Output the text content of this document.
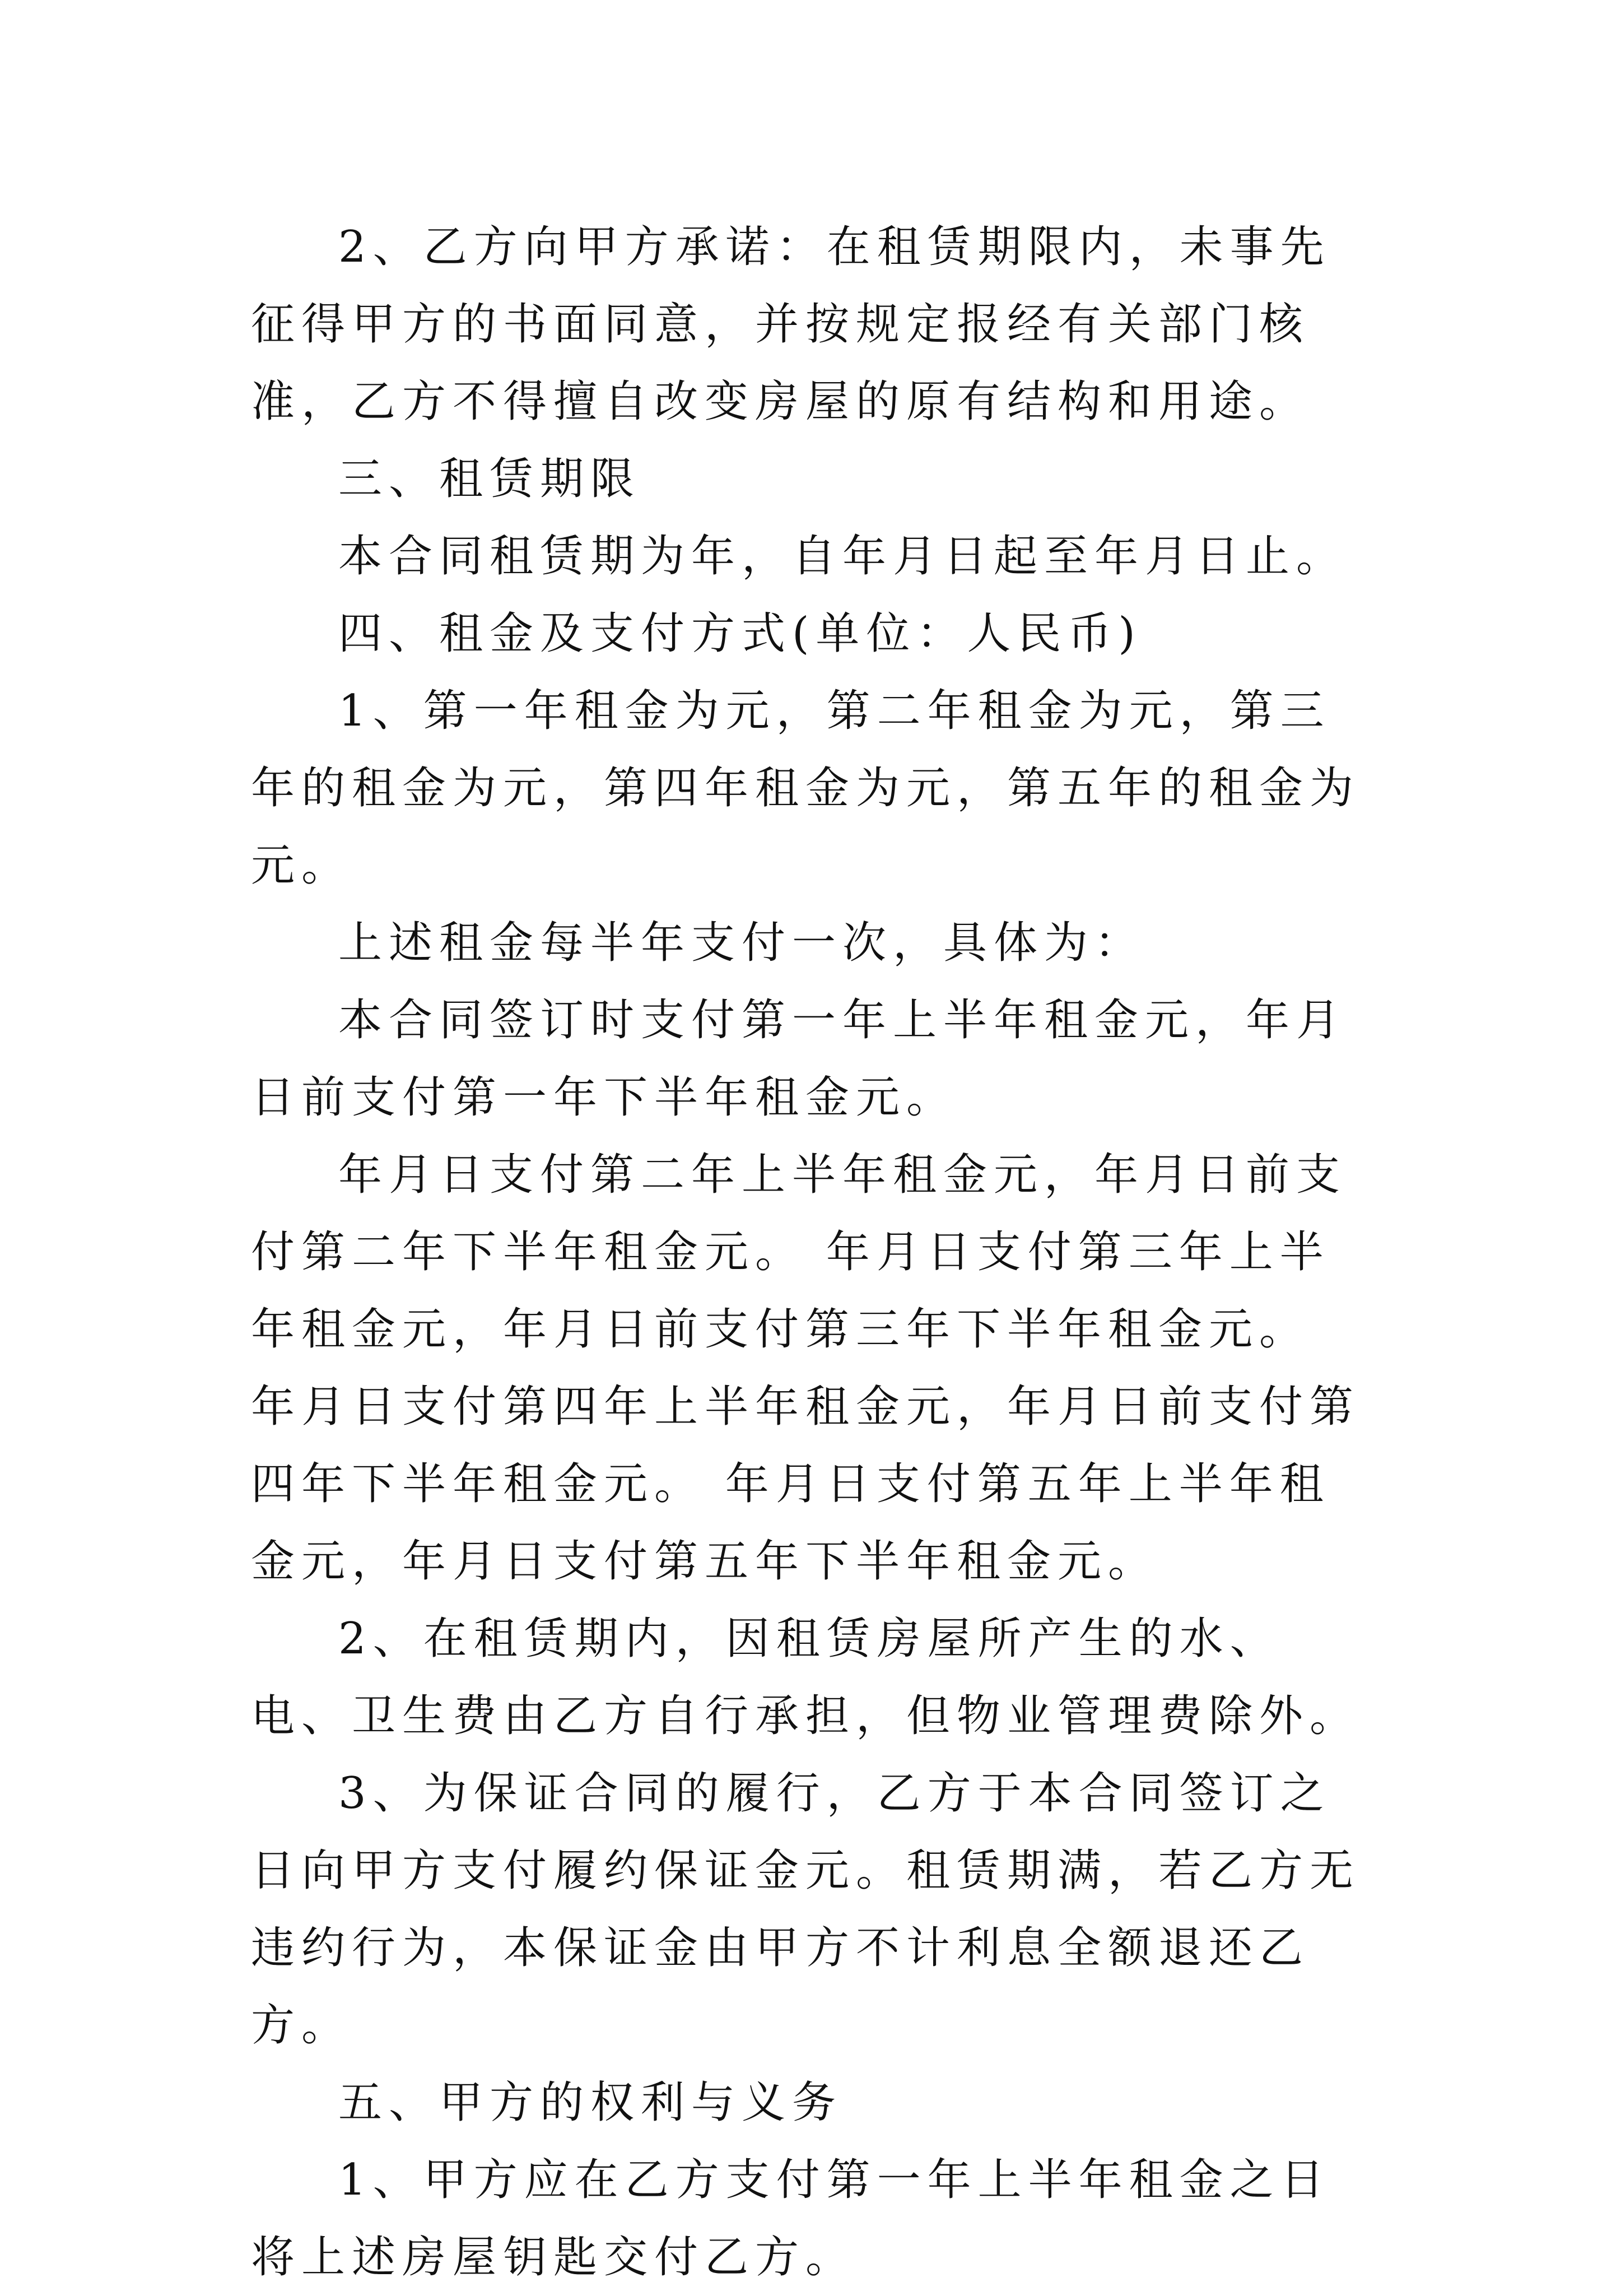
2、乙方向甲方承诺：在租赁期限内，未事先征得甲方的书面同意，并按规定报经有关部门核准，乙方不得擅自改变房屋的原有结构和用途。

三、租赁期限

本合同租赁期为年，自年月日起至年月日止。

四、租金及支付方式(单位：人民币)

1、第一年租金为元，第二年租金为元，第三年的租金为元，第四年租金为元，第五年的租金为元。

上述租金每半年支付一次，具体为：

本合同签订时支付第一年上半年租金元，年月日前支付第一年下半年租金元。

年月日支付第二年上半年租金元，年月日前支付第二年下半年租金元。 年月日支付第三年上半年租金元，年月日前支付第三年下半年租金元。 年月日支付第四年上半年租金元，年月日前支付第四年下半年租金元。 年月日支付第五年上半年租金元，年月日支付第五年下半年租金元。

2、在租赁期内，因租赁房屋所产生的水、电、卫生费由乙方自行承担，但物业管理费除外。

3、为保证合同的履行，乙方于本合同签订之日向甲方支付履约保证金元。租赁期满，若乙方无违约行为，本保证金由甲方不计利息全额退还乙方。

五、甲方的权利与义务

1、甲方应在乙方支付第一年上半年租金之日将上述房屋钥匙交付乙方。
